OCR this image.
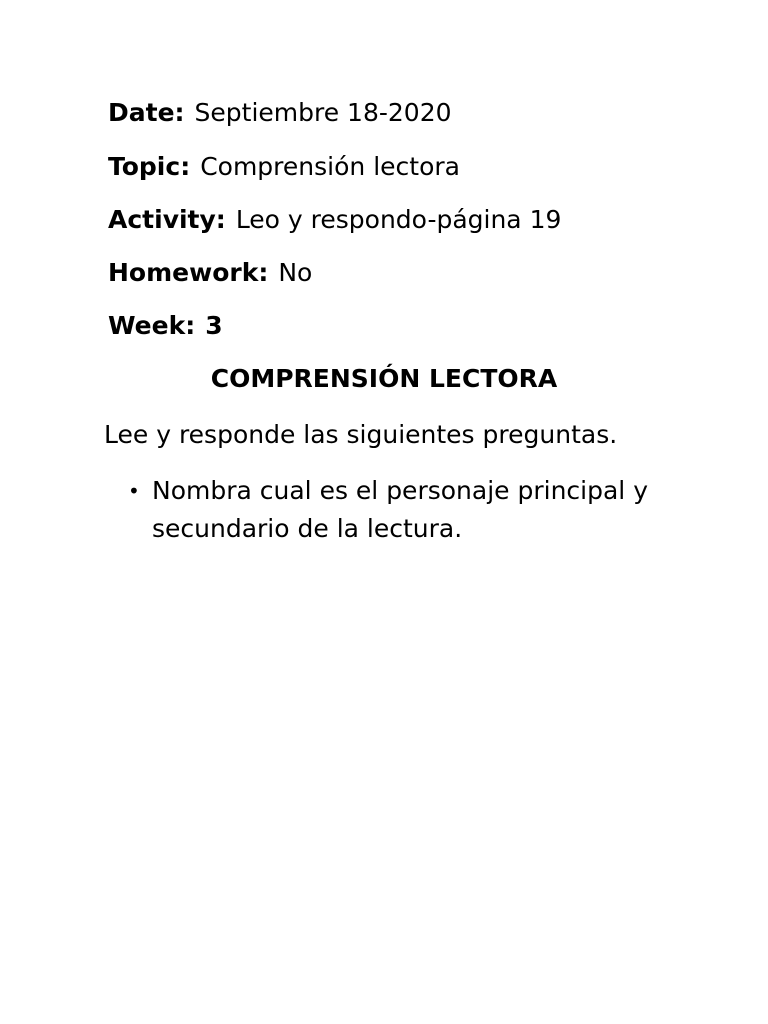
Date: Septiembre 18-2020
Topic: Comprensión lectora
Activity: Leo y respondo-página 19
Homework: No
Week: 3
COMPRENSIÓN LECTORA
Lee y responde las siguientes preguntas.
• Nombra cual es el personaje principal y secundario de la lectura.
